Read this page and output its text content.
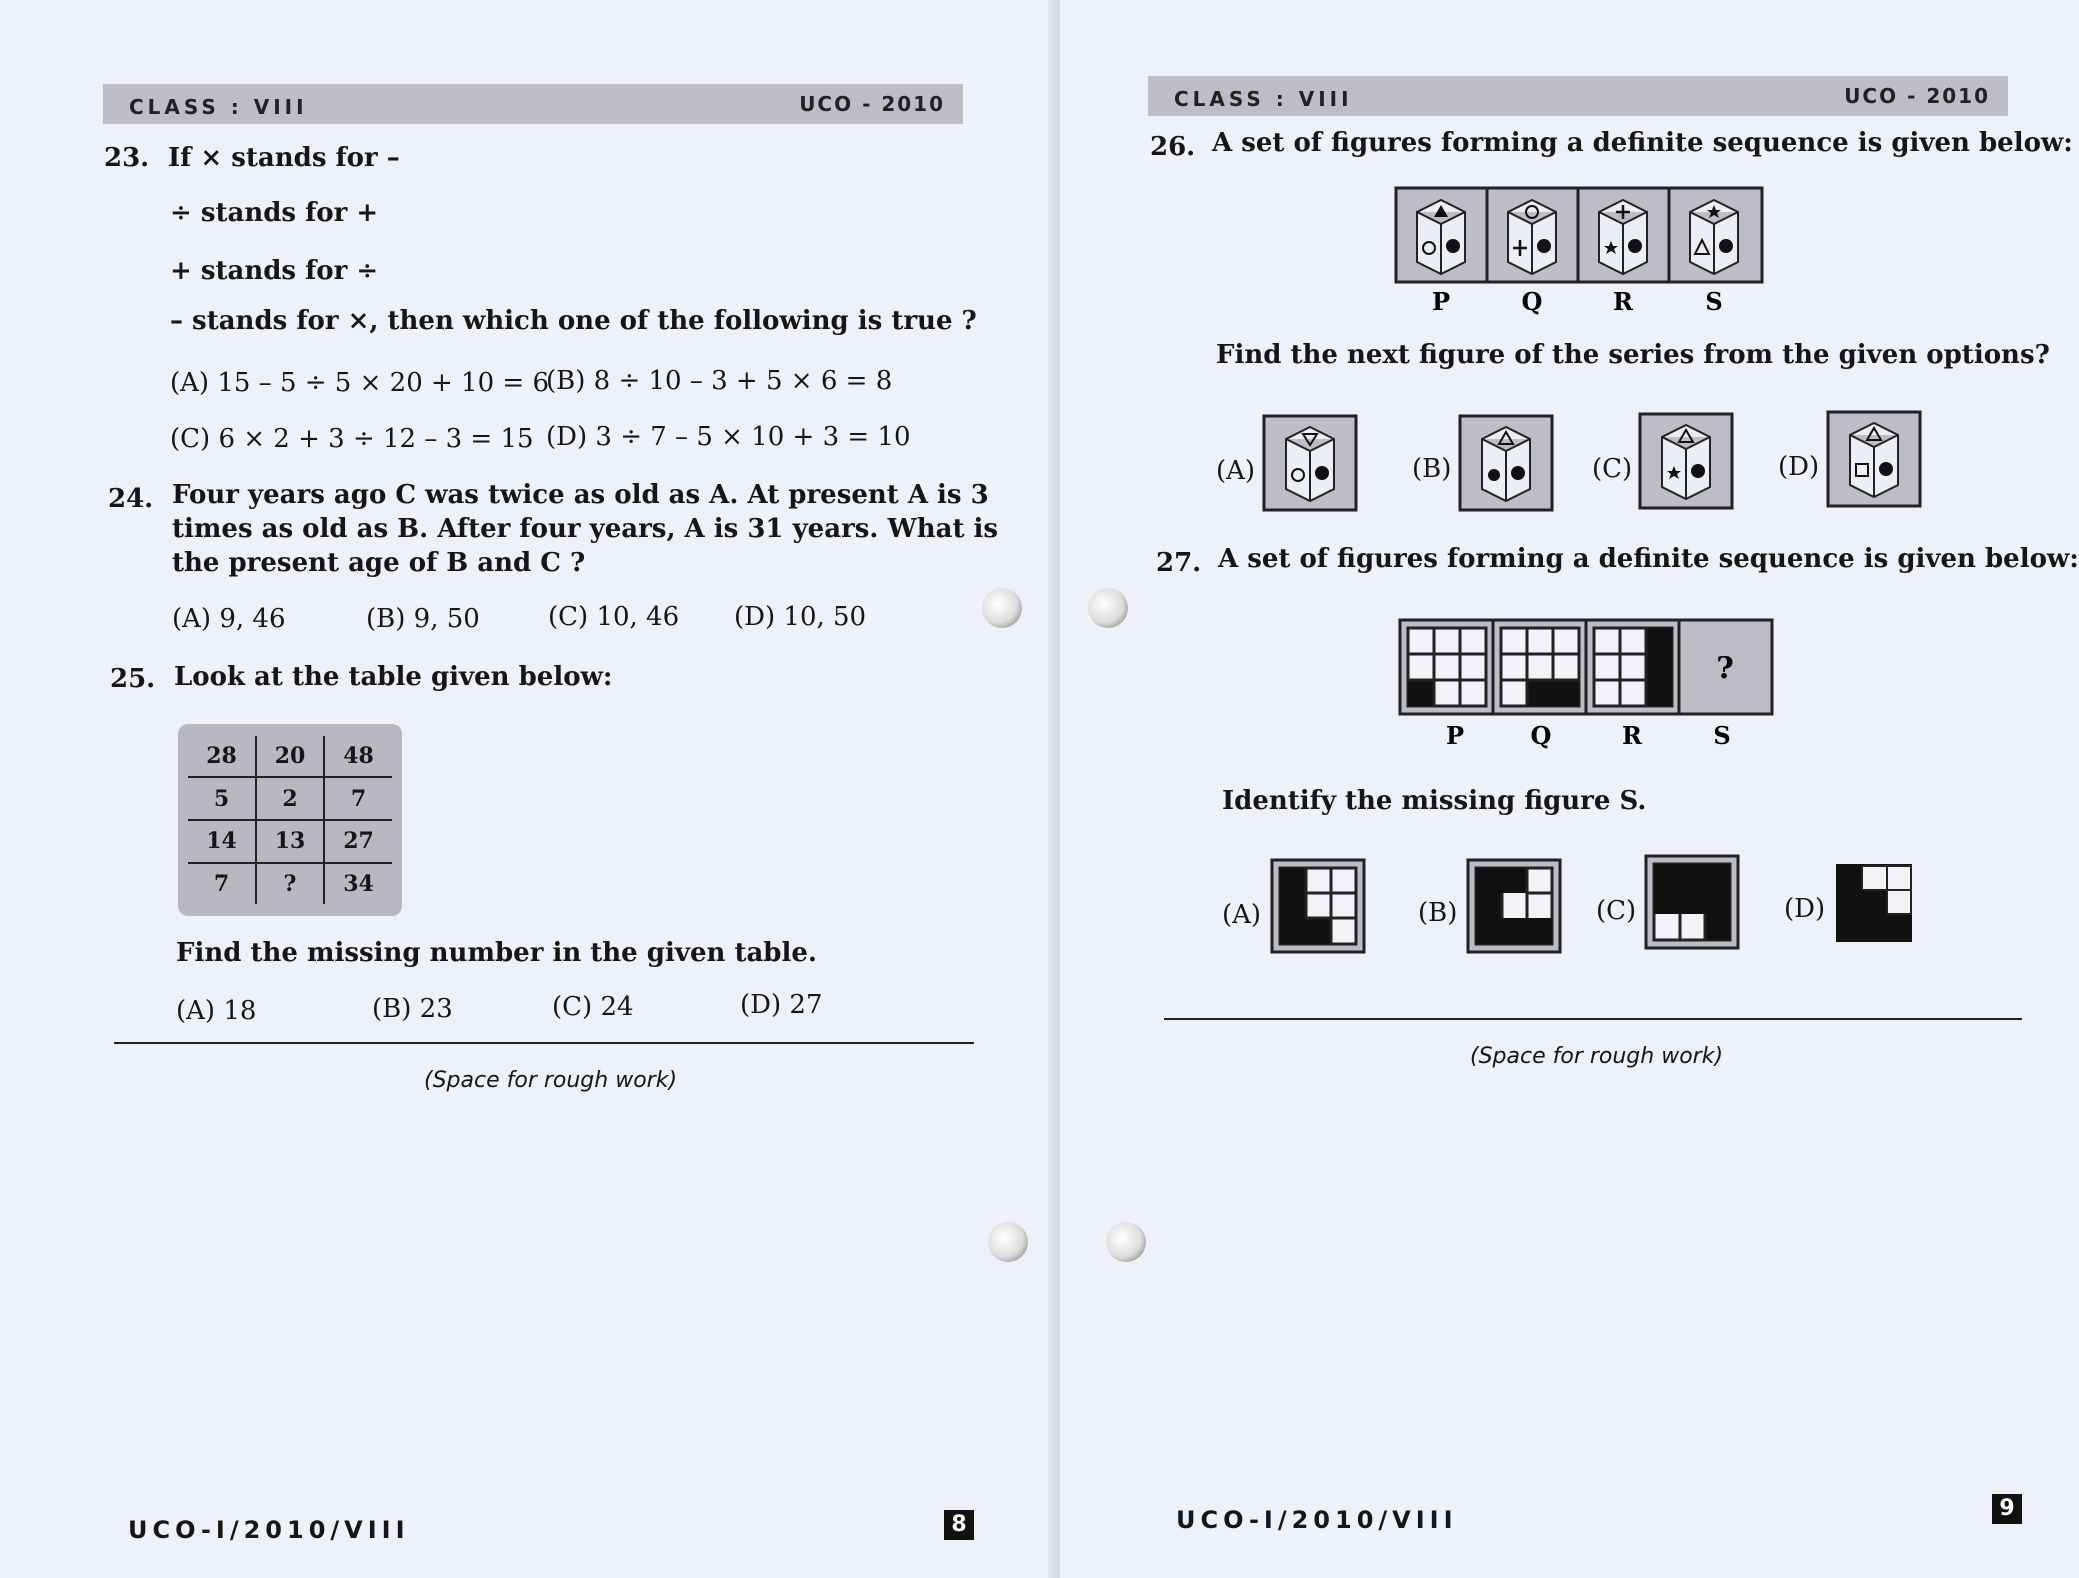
CLASS : VIII	UCO - 2010
23. If × stands for –
÷ stands for +
+ stands for ÷
– stands for ×, then which one of the following is true ?
(A) 15 – 5 ÷ 5 × 20 + 10 = 6
(B) 8 ÷ 10 – 3 + 5 × 6 = 8
(C) 6 × 2 + 3 ÷ 12 – 3 = 15 (D) 3 ÷ 7 – 5 × 10 + 3 = 10
24. Four years ago C was twice as old as A. At present A is 3
times as old as B. After four years, A is 31 years. What is
the present age of B and C ?
(A) 9, 46	(B) 9, 50	(C) 10, 46 (D) 10, 50
25. Look at the table given below:
28	20	48
5	2	7
14	13	27
7	?	34
Find the missing number in the given table.
(A) 18	(B) 23	(C) 24	(D) 27
(Space for rough work)
UCO-I/2010/VIII	8
CLASS : VIII	UCO - 2010
26. A set of figures forming a definite sequence is given below:
P	Q	R	S
Find the next figure of the series from the given options?
(A)	(B)	(C)	(D)
27. A set of figures forming a definite sequence is given below:
?
P	Q	R	S
Identify the missing figure S.
(A)	(B)	(C)	(D)
(Space for rough work)
UCO-I/2010/VIII	9
